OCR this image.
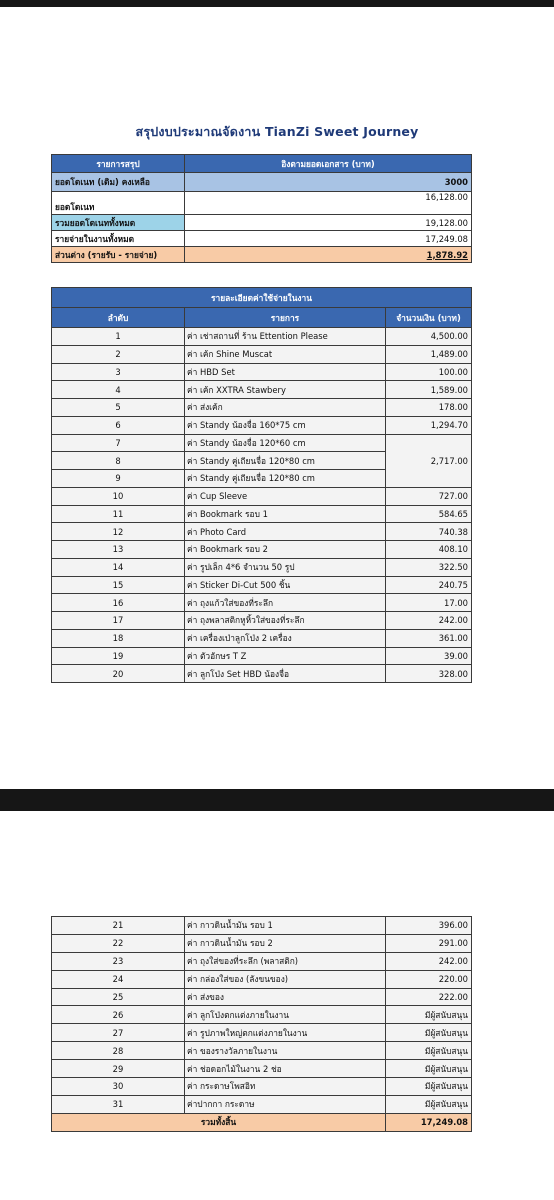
สรุปงบประมาณจัดงาน TianZi Sweet Journey
รายการสรุป	อิงตามยอดเอกสาร (บาท)
ยอดโดเนท (เดิม) คงเหลือ	3000
ยอดโดเนท	16,128.00
รวมยอดโดเนททั้งหมด	19,128.00
รายจ่ายในงานทั้งหมด	17,249.08
ส่วนต่าง (รายรับ - รายจ่าย)	1,878.92
รายละเอียดค่าใช้จ่ายในงาน		
ลำดับ	รายการ	จำนวนเงิน (บาท)
1	ค่า เช่าสถานที่ ร้าน Ettention Please	4,500.00
2	ค่า เค้ก Shine Muscat	1,489.00
3	ค่า HBD Set	100.00
4	ค่า เค้ก XXTRA Stawbery	1,589.00
5	ค่า ส่งเค้ก	178.00
6	ค่า Standy น้องจื่อ 160*75 cm	1,294.70
7	ค่า Standy น้องจื่อ 120*60 cm	2,717.00
8	ค่า Standy คู่เถียนจื่อ 120*80 cm	
9	ค่า Standy คู่เถียนจื่อ 120*80 cm	
10	ค่า Cup Sleeve	727.00
11	ค่า Bookmark รอบ 1	584.65
12	ค่า Photo Card	740.38
13	ค่า Bookmark รอบ 2	408.10
14	ค่า รูปเล็ก 4*6 จำนวน 50 รูป	322.50
15	ค่า Sticker Di-Cut 500 ชิ้น	240.75
16	ค่า ถุงแก้วใส่ของที่ระลึก	17.00
17	ค่า ถุงพลาสติกหูหิ้วใส่ของที่ระลึก	242.00
18	ค่า เครื่องเป่าลูกโป่ง 2 เครื่อง	361.00
19	ค่า ตัวอักษร T Z	39.00
20	ค่า ลูกโป่ง Set HBD น้องจื่อ	328.00
21	ค่า กาวดินน้ำมัน รอบ 1	396.00
22	ค่า กาวดินน้ำมัน รอบ 2	291.00
23	ค่า ถุงใส่ของที่ระลึก (พลาสติก)	242.00
24	ค่า กล่องใส่ของ (ลังขนของ)	220.00
25	ค่า ส่งของ	222.00
26	ค่า ลูกโป่งตกแต่งภายในงาน	มีผู้สนับสนุน
27	ค่า รูปภาพใหญ่ตกแต่งภายในงาน	มีผู้สนับสนุน
28	ค่า ของรางวัลภายในงาน	มีผู้สนับสนุน
29	ค่า ช่อดอกไม้ในงาน 2 ช่อ	มีผู้สนับสนุน
30	ค่า กระดาษโพสอิท	มีผู้สนับสนุน
31	ค่าปากกา กระดาษ	มีผู้สนับสนุน
รวมทั้งสิ้น		17,249.08
